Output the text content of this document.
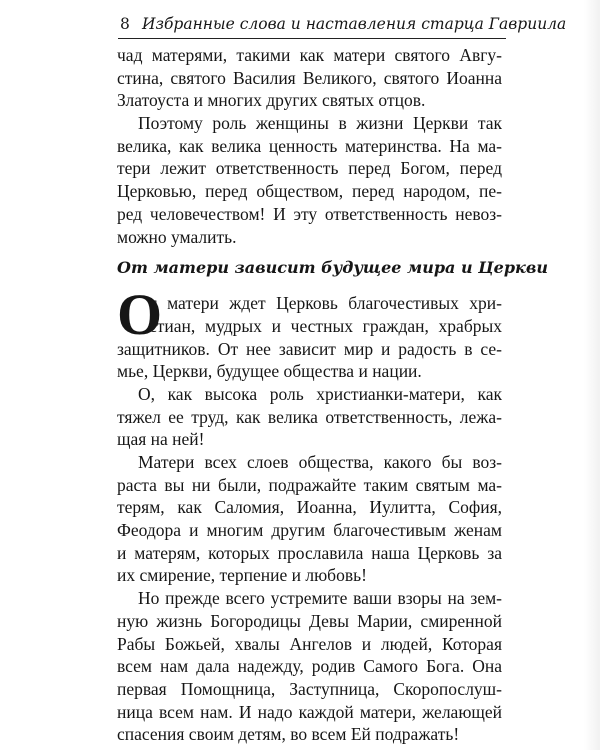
8 Избранные слова и наставления старца Гавриила
чад матерями, такими как матери святого Авгу-
стина, святого Василия Великого, святого Иоанна
Златоуста и многих других святых отцов.
Поэтому роль женщины в жизни Церкви так
велика, как велика ценность материнства. На ма-
тери лежит ответственность перед Богом, перед
Церковью, перед обществом, перед народом, пе-
ред человечеством! И эту ответственность невоз-
можно умалить.
От матери зависит будущее мира и Церкви
О
т матери ждет Церковь благочестивых хри-
стиан, мудрых и честных граждан, храбрых
защитников. От нее зависит мир и радость в се-
мье, Церкви, будущее общества и нации.
О, как высока роль христианки-матери, как
тяжел ее труд, как велика ответственность, лежа-
щая на ней!
Матери всех слоев общества, какого бы воз-
раста вы ни были, подражайте таким святым ма-
терям, как Саломия, Иоанна, Иулитта, София,
Феодора и многим другим благочестивым женам
и матерям, которых прославила наша Церковь за
их смирение, терпение и любовь!
Но прежде всего устремите ваши взоры на зем-
ную жизнь Богородицы Девы Марии, смиренной
Рабы Божьей, хвалы Ангелов и людей, Которая
всем нам дала надежду, родив Самого Бога. Она
первая Помощница, Заступница, Скоропослуш-
ница всем нам. И надо каждой матери, желающей
спасения своим детям, во всем Ей подражать!
